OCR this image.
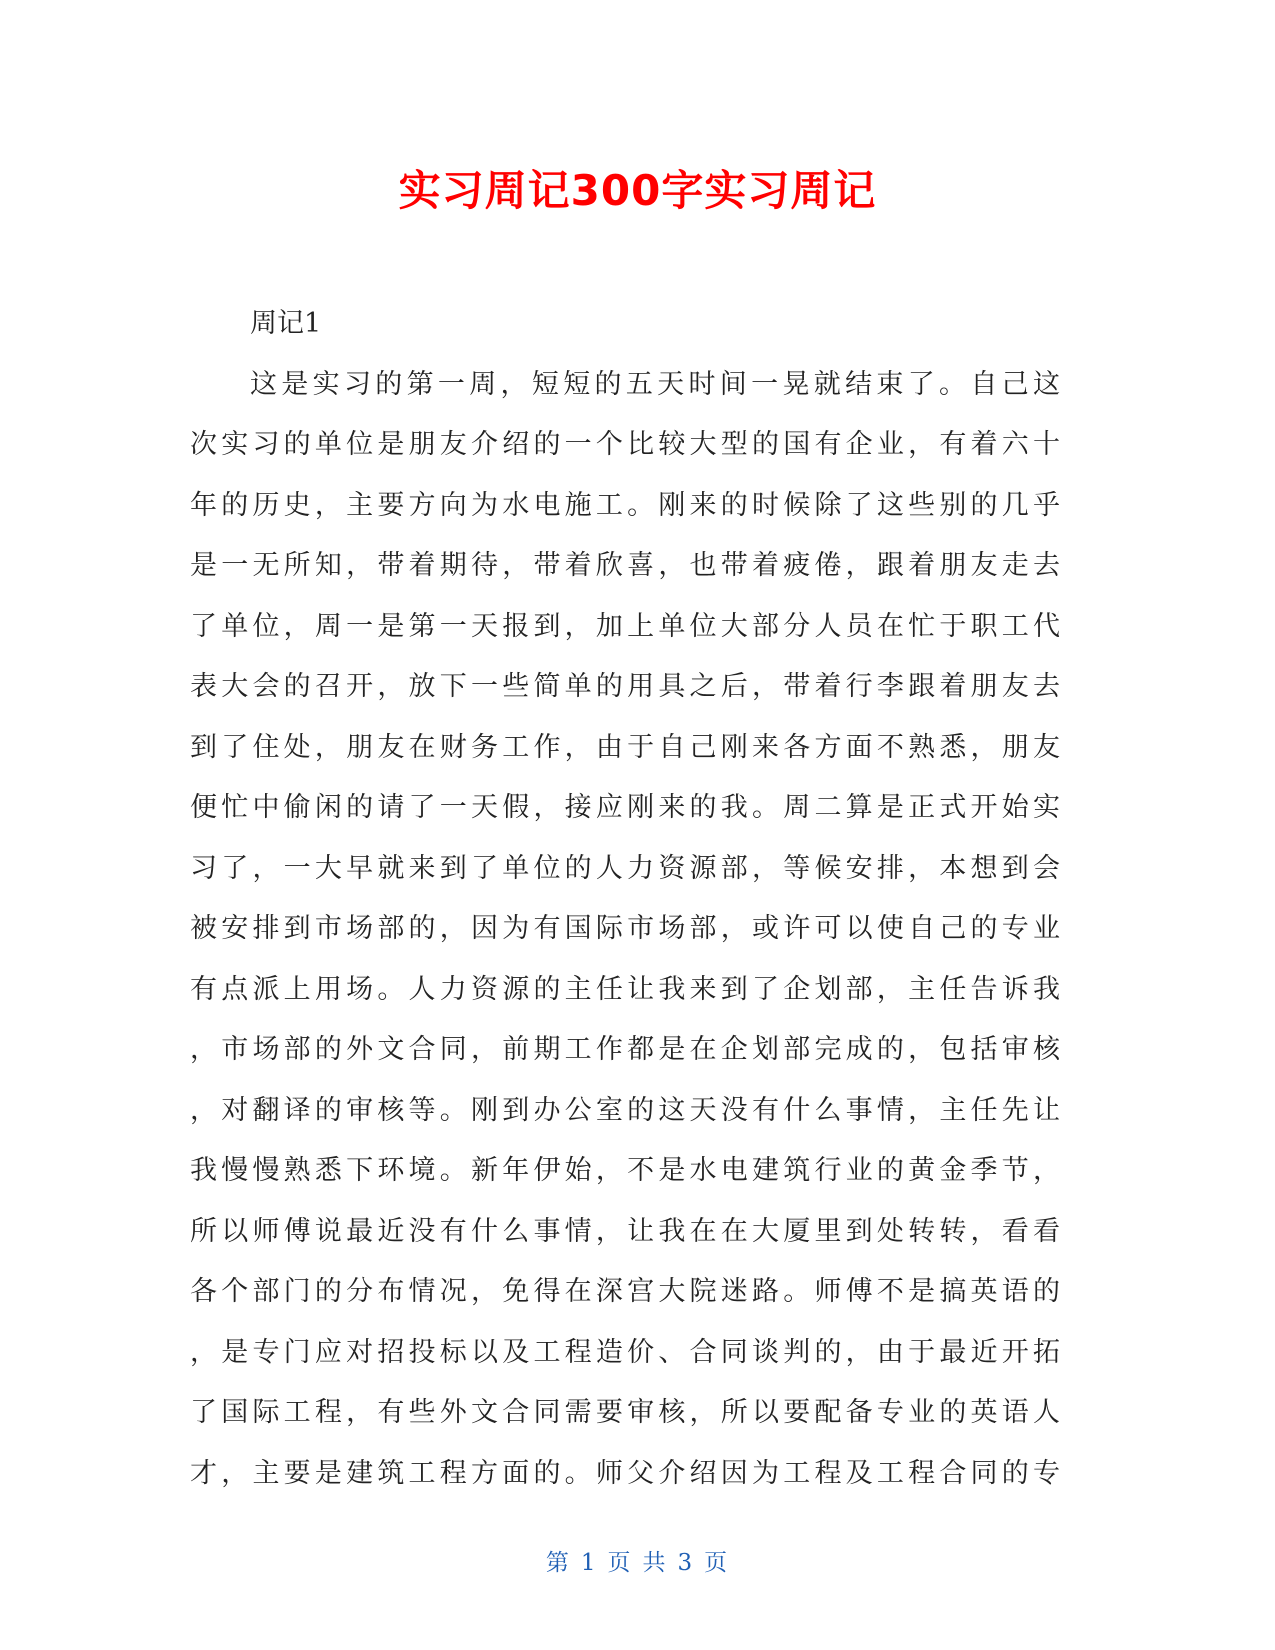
实习周记300字实习周记
周记1
这是实习的第一周，短短的五天时间一晃就结束了。自己这
次实习的单位是朋友介绍的一个比较大型的国有企业，有着六十
年的历史，主要方向为水电施工。刚来的时候除了这些别的几乎
是一无所知，带着期待，带着欣喜，也带着疲倦，跟着朋友走去
了单位，周一是第一天报到，加上单位大部分人员在忙于职工代
表大会的召开，放下一些简单的用具之后，带着行李跟着朋友去
到了住处，朋友在财务工作，由于自己刚来各方面不熟悉，朋友
便忙中偷闲的请了一天假，接应刚来的我。周二算是正式开始实
习了，一大早就来到了单位的人力资源部，等候安排，本想到会
被安排到市场部的，因为有国际市场部，或许可以使自己的专业
有点派上用场。人力资源的主任让我来到了企划部，主任告诉我
，市场部的外文合同，前期工作都是在企划部完成的，包括审核
，对翻译的审核等。刚到办公室的这天没有什么事情，主任先让
我慢慢熟悉下环境。新年伊始，不是水电建筑行业的黄金季节，
所以师傅说最近没有什么事情，让我在在大厦里到处转转，看看
各个部门的分布情况，免得在深宫大院迷路。师傅不是搞英语的
，是专门应对招投标以及工程造价、合同谈判的，由于最近开拓
了国际工程，有些外文合同需要审核，所以要配备专业的英语人
才，主要是建筑工程方面的。师父介绍因为工程及工程合同的专
第 1 页 共 3 页
